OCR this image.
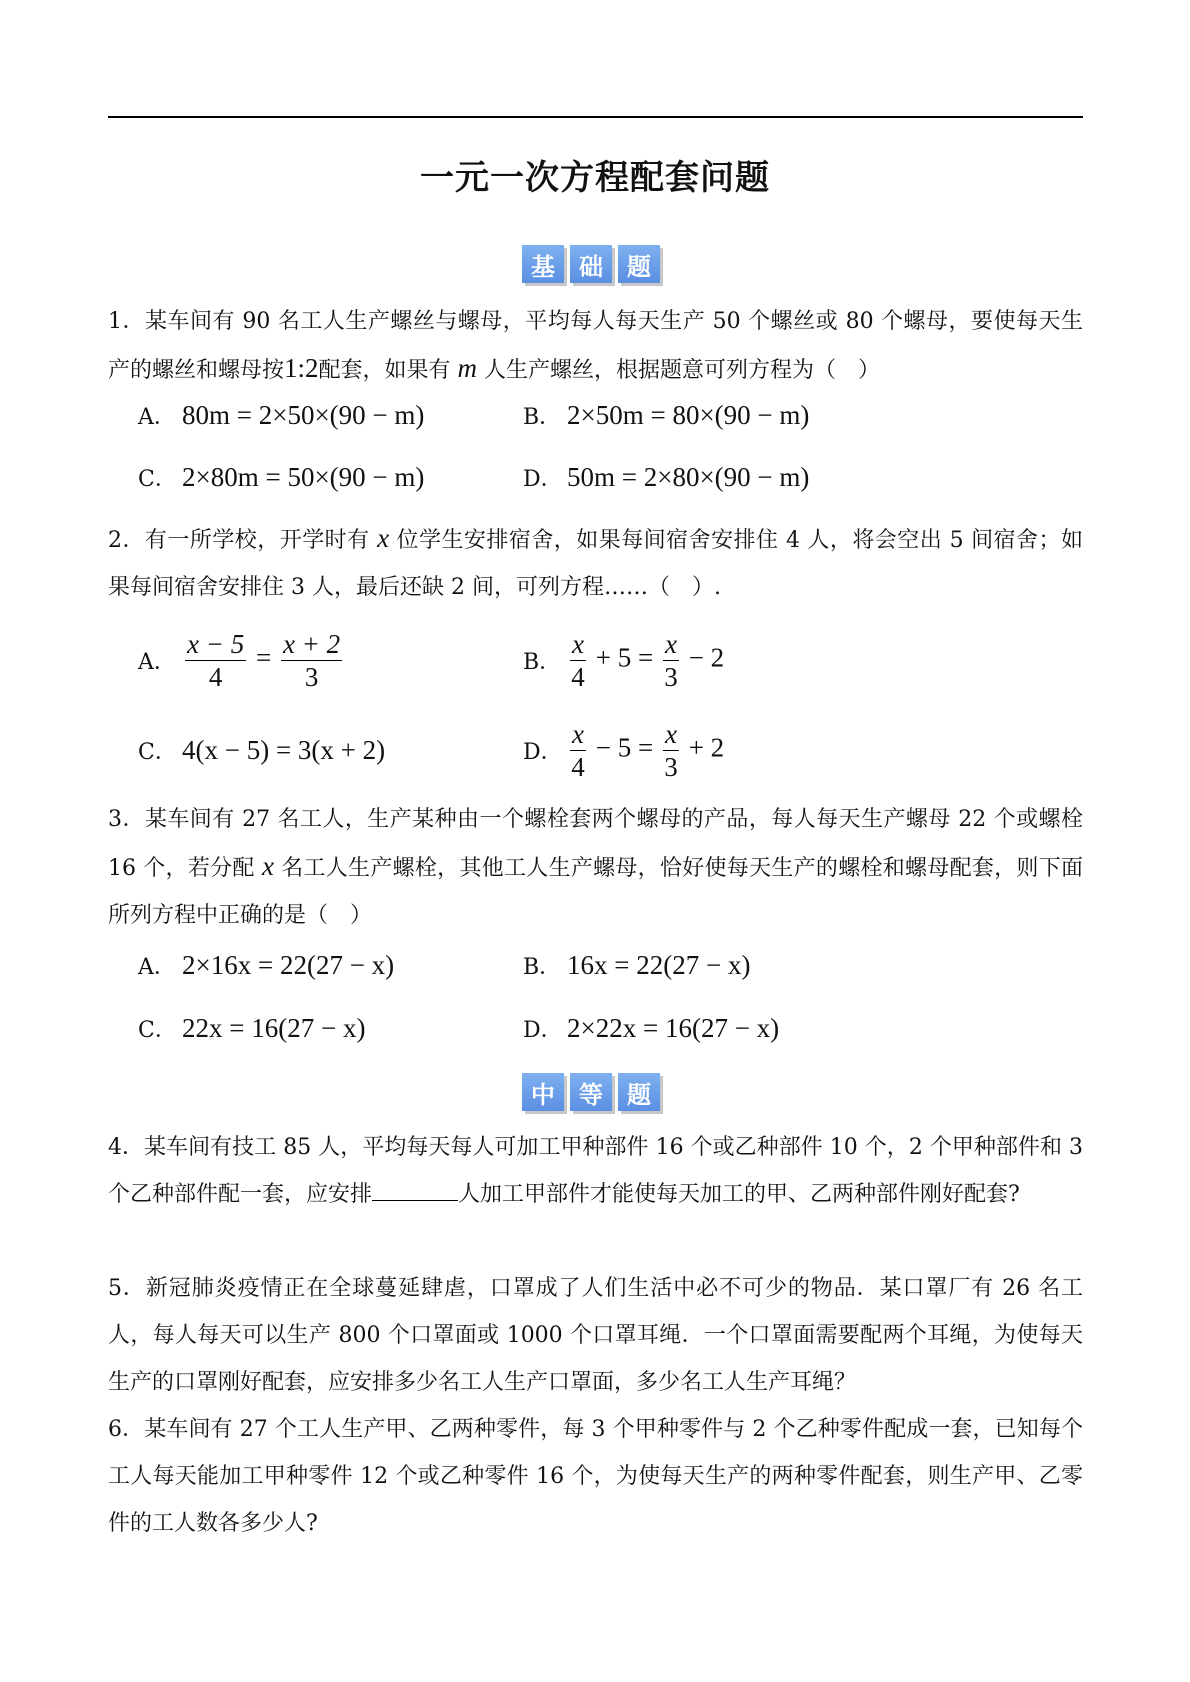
一元一次方程配套问题
基	础	题
1．某车间有 90 名工人生产螺丝与螺母，平均每人每天生产 50 个螺丝或 80 个螺母，要使每天生产的螺丝和螺母按1:2配套，如果有 m 人生产螺丝，根据题意可列方程为（　）
A． 80m = 2×50×(90 − m)	B． 2×50m = 80×(90 − m)
C． 2×80m = 50×(90 − m)	D． 50m = 2×80×(90 − m)
2．有一所学校，开学时有 x 位学生安排宿舍，如果每间宿舍安排住 4 人，将会空出 5 间宿舍；如果每间宿舍安排住 3 人，最后还缺 2 间，可列方程……（　）.
A． $\frac{x - 5}{4} = \frac{x + 2}{3}$	B． $\frac{x}{4} + 5 = \frac{x}{3} - 2$
C． 4(x − 5) = 3(x + 2)	D． $\frac{x}{4} - 5 = \frac{x}{3} + 2$
3．某车间有 27 名工人，生产某种由一个螺栓套两个螺母的产品，每人每天生产螺母 22 个或螺栓 16 个，若分配 x 名工人生产螺栓，其他工人生产螺母，恰好使每天生产的螺栓和螺母配套，则下面所列方程中正确的是（　）
A． 2×16x = 22(27 − x)	B． 16x = 22(27 − x)
C． 22x = 16(27 − x)	D． 2×22x = 16(27 − x)
中	等	题
4．某车间有技工 85 人，平均每天每人可加工甲种部件 16 个或乙种部件 10 个，2 个甲种部件和 3 个乙种部件配一套，应安排	人加工甲部件才能使每天加工的甲、乙两种部件刚好配套?
5．新冠肺炎疫情正在全球蔓延肆虐，口罩成了人们生活中必不可少的物品．某口罩厂有 26 名工人，每人每天可以生产 800 个口罩面或 1000 个口罩耳绳．一个口罩面需要配两个耳绳，为使每天生产的口罩刚好配套，应安排多少名工人生产口罩面，多少名工人生产耳绳？
6．某车间有 27 个工人生产甲、乙两种零件，每 3 个甲种零件与 2 个乙种零件配成一套，已知每个工人每天能加工甲种零件 12 个或乙种零件 16 个，为使每天生产的两种零件配套，则生产甲、乙零件的工人数各多少人?
